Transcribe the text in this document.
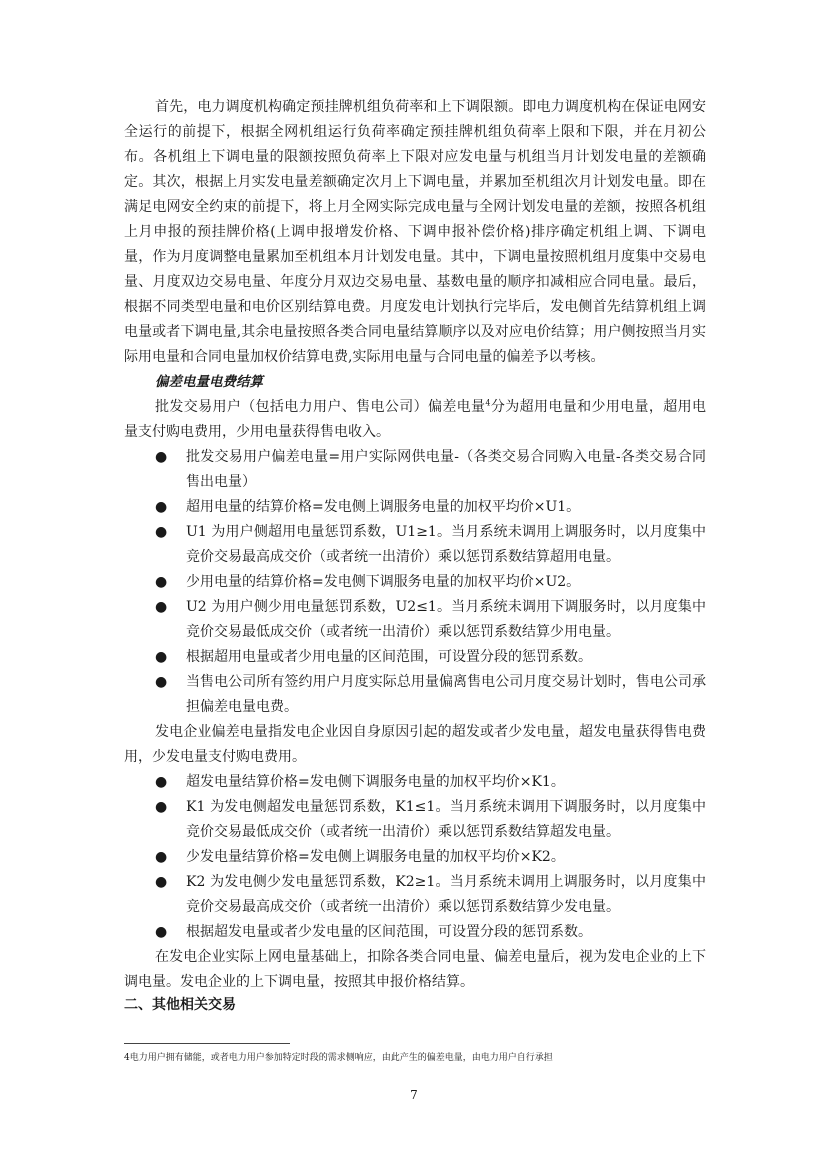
首先，电力调度机构确定预挂牌机组负荷率和上下调限额。即电力调度机构在保证电网安全运行的前提下，根据全网机组运行负荷率确定预挂牌机组负荷率上限和下限，并在月初公布。各机组上下调电量的限额按照负荷率上下限对应发电量与机组当月计划发电量的差额确定。其次，根据上月实发电量差额确定次月上下调电量，并累加至机组次月计划发电量。即在满足电网安全约束的前提下，将上月全网实际完成电量与全网计划发电量的差额，按照各机组上月申报的预挂牌价格(上调申报增发价格、下调申报补偿价格)排序确定机组上调、下调电量，作为月度调整电量累加至机组本月计划发电量。其中，下调电量按照机组月度集中交易电量、月度双边交易电量、年度分月双边交易电量、基数电量的顺序扣减相应合同电量。最后，根据不同类型电量和电价区别结算电费。月度发电计划执行完毕后，发电侧首先结算机组上调电量或者下调电量,其余电量按照各类合同电量结算顺序以及对应电价结算；用户侧按照当月实际用电量和合同电量加权价结算电费,实际用电量与合同电量的偏差予以考核。

偏差电量电费结算

批发交易用户（包括电力用户、售电公司）偏差电量$^4$分为超用电量和少用电量，超用电量支付购电费用，少用电量获得售电收入。

● 批发交易用户偏差电量=用户实际网供电量-（各类交易合同购入电量-各类交易合同售出电量）
● 超用电量的结算价格=发电侧上调服务电量的加权平均价×U1。
● U1 为用户侧超用电量惩罚系数，U1≥1。当月系统未调用上调服务时，以月度集中竞价交易最高成交价（或者统一出清价）乘以惩罚系数结算超用电量。
● 少用电量的结算价格=发电侧下调服务电量的加权平均价×U2。
● U2 为用户侧少用电量惩罚系数，U2≤1。当月系统未调用下调服务时，以月度集中竞价交易最低成交价（或者统一出清价）乘以惩罚系数结算少用电量。
● 根据超用电量或者少用电量的区间范围，可设置分段的惩罚系数。
● 当售电公司所有签约用户月度实际总用量偏离售电公司月度交易计划时，售电公司承担偏差电量电费。

发电企业偏差电量指发电企业因自身原因引起的超发或者少发电量，超发电量获得售电费用，少发电量支付购电费用。

● 超发电量结算价格=发电侧下调服务电量的加权平均价×K1。
● K1 为发电侧超发电量惩罚系数，K1≤1。当月系统未调用下调服务时，以月度集中竞价交易最低成交价（或者统一出清价）乘以惩罚系数结算超发电量。
● 少发电量结算价格=发电侧上调服务电量的加权平均价×K2。
● K2 为发电侧少发电量惩罚系数，K2≥1。当月系统未调用上调服务时，以月度集中竞价交易最高成交价（或者统一出清价）乘以惩罚系数结算少发电量。
● 根据超发电量或者少发电量的区间范围，可设置分段的惩罚系数。

在发电企业实际上网电量基础上，扣除各类合同电量、偏差电量后，视为发电企业的上下调电量。发电企业的上下调电量，按照其申报价格结算。

二、其他相关交易

4电力用户拥有储能，或者电力用户参加特定时段的需求侧响应，由此产生的偏差电量，由电力用户自行承担

7
